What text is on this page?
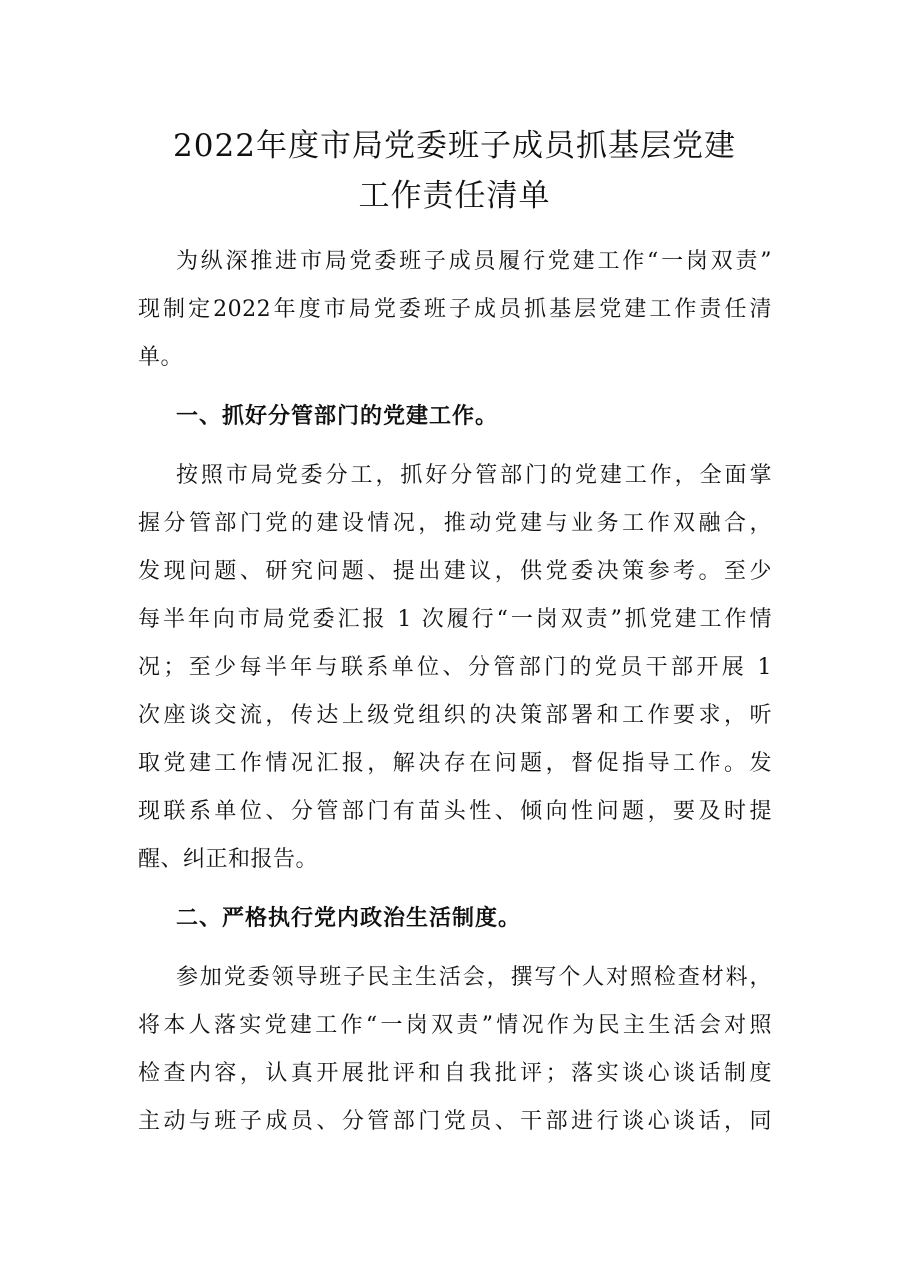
2022年度市局党委班子成员抓基层党建
工作责任清单

为纵深推进市局党委班子成员履行党建工作“一岗双责”

现制定2022年度市局党委班子成员抓基层党建工作责任清

单。

一、抓好分管部门的党建工作。

按照市局党委分工，抓好分管部门的党建工作，全面掌

握分管部门党的建设情况，推动党建与业务工作双融合，

发现问题、研究问题、提出建议，供党委决策参考。至少

每半年向市局党委汇报 1 次履行“一岗双责”抓党建工作情

况；至少每半年与联系单位、分管部门的党员干部开展 1

次座谈交流，传达上级党组织的决策部署和工作要求，听

取党建工作情况汇报，解决存在问题，督促指导工作。发

现联系单位、分管部门有苗头性、倾向性问题，要及时提

醒、纠正和报告。

二、严格执行党内政治生活制度。

参加党委领导班子民主生活会，撰写个人对照检查材料，

将本人落实党建工作“一岗双责”情况作为民主生活会对照

检查内容，认真开展批评和自我批评；落实谈心谈话制度

主动与班子成员、分管部门党员、干部进行谈心谈话，同
